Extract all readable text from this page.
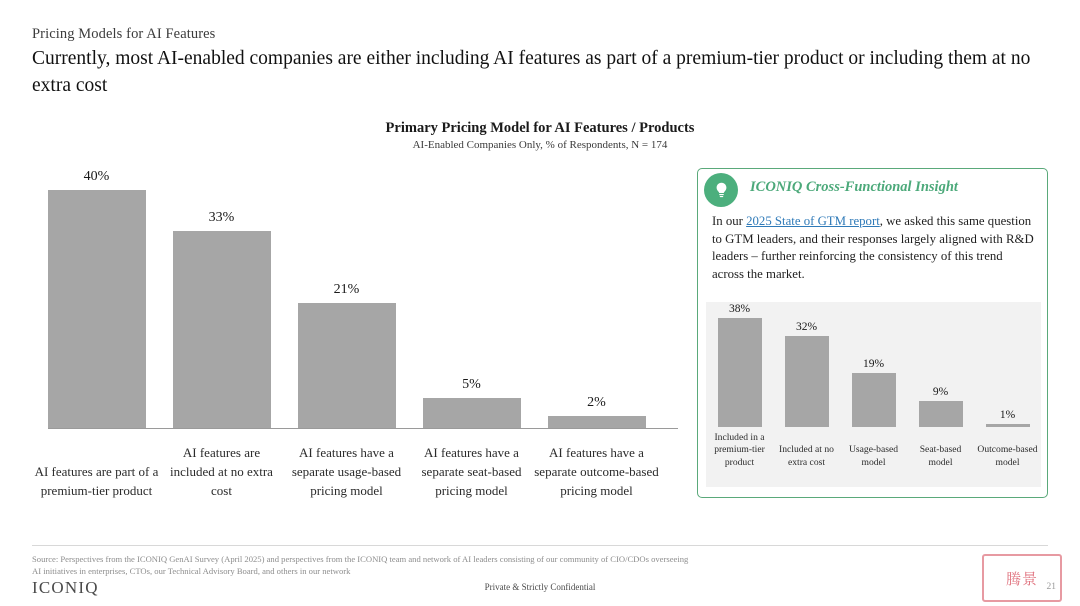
Pricing Models for AI Features
Currently, most AI-enabled companies are either including AI features as part of a premium-tier product or including them at no extra cost
Primary Pricing Model for AI Features / Products
AI-Enabled Companies Only, % of Respondents, N = 174
40%
33%
21%
5%
2%
AI features are part of a premium-tier product
AI features are included at no extra cost
AI features have a separate usage-based pricing model
AI features have a separate seat-based pricing model
AI features have a separate outcome-based pricing model
ICONIQ Cross-Functional Insight
In our 2025 State of GTM report, we asked this same question to GTM leaders, and their responses largely aligned with R&D leaders – further reinforcing the consistency of this trend across the market.
38%
32%
19%
9%
1%
Included in a premium-tier product
Included at no extra cost
Usage-based model
Seat-based model
Outcome-based model
Source: Perspectives from the ICONIQ GenAI Survey (April 2025) and perspectives from the ICONIQ team and network of AI leaders consisting of our community of CIO/CDOs overseeing AI initiatives in enterprises, CTOs, our Technical Advisory Board, and others in our network
ICONIQ	Private & Strictly Confidential	腾景 21
